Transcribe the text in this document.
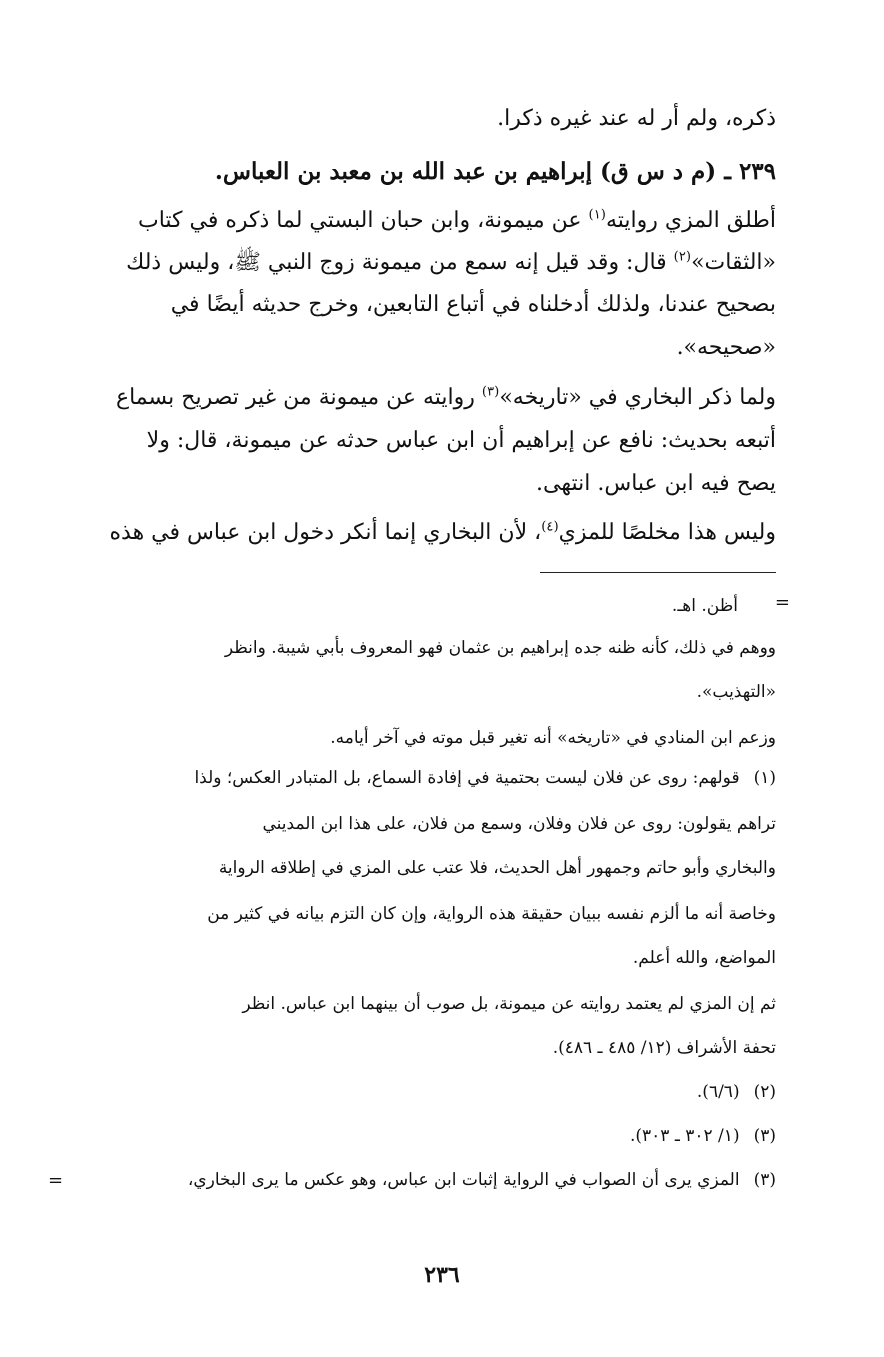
ذكره، ولم أر له عند غيره ذكرا.
٢٣٩ ـ (م د س ق) إبراهيم بن عبد الله بن معبد بن العباس.
أطلق المزي روايته$^{(١)}$ عن ميمونة، وابن حبان البستي لما ذكره في كتاب
«الثقات»$^{(٢)}$ قال: وقد قيل إنه سمع من ميمونة زوج النبي ﷺ، وليس ذلك
بصحيح عندنا، ولذلك أدخلناه في أتباع التابعين، وخرج حديثه أيضًا في
«صحيحه».
ولما ذكر البخاري في «تاريخه»$^{(٣)}$ روايته عن ميمونة من غير تصريح بسماع
أتبعه بحديث: نافع عن إبراهيم أن ابن عباس حدثه عن ميمونة، قال: ولا
يصح فيه ابن عباس. انتهى.
وليس هذا مخلصًا للمزي$^{(٤)}$، لأن البخاري إنما أنكر دخول ابن عباس في هذه
=
أظن. اهـ.
ووهم في ذلك، كأنه ظنه جده إبراهيم بن عثمان فهو المعروف بأبي شيبة. وانظر
«التهذيب».
وزعم ابن المنادي في «تاريخه» أنه تغير قبل موته في آخر أيامه.
(١)قولهم: روى عن فلان ليست بحتمية في إفادة السماع، بل المتبادر العكس؛ ولذا
تراهم يقولون: روى عن فلان وفلان، وسمع من فلان، على هذا ابن المديني
والبخاري وأبو حاتم وجمهور أهل الحديث، فلا عتب على المزي في إطلاقه الرواية
وخاصة أنه ما ألزم نفسه ببيان حقيقة هذه الرواية، وإن كان التزم بيانه في كثير من
المواضع، والله أعلم.
ثم إن المزي لم يعتمد روايته عن ميمونة، بل صوب أن بينهما ابن عباس. انظر
تحفة الأشراف (١٢/ ٤٨٥ ـ ٤٨٦).
(٢)(٦/٦).
(٣)(١/ ٣٠٢ ـ ٣٠٣).
(٣)المزي يرى أن الصواب في الرواية إثبات ابن عباس، وهو عكس ما يرى البخاري،
=
٢٣٦
